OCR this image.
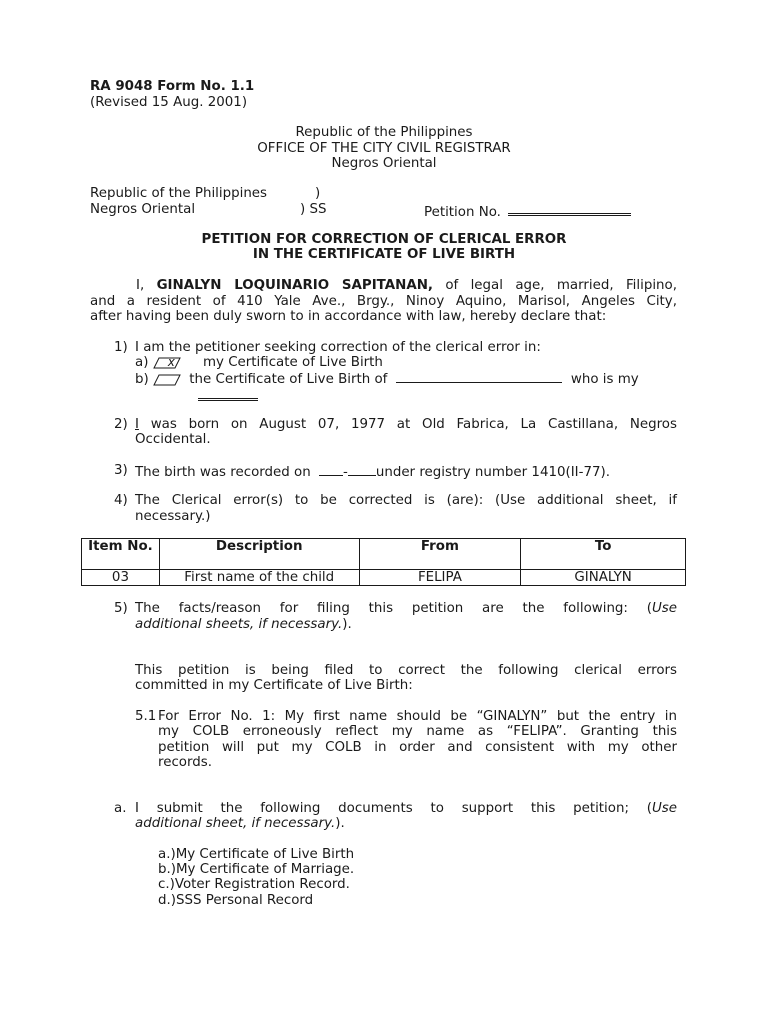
RA 9048 Form No. 1.1
(Revised 15 Aug. 2001)
Republic of the Philippines
OFFICE OF THE CITY CIVIL REGISTRAR
Negros Oriental
Republic of the Philippines	)
Negros Oriental	) SS	Petition No.
PETITION FOR CORRECTION OF CLERICAL ERROR
IN THE CERTIFICATE OF LIVE BIRTH
I, GINALYN LOQUINARIO SAPITANAN, of legal age, married, Filipino,
and a resident of 410 Yale Ave., Brgy., Ninoy Aquino, Marisol, Angeles City,
after having been duly sworn to in accordance with law, hereby declare that:
1) I am the petitioner seeking correction of the clerical error in:
a) x my Certificate of Live Birth
b)	the Certificate of Live Birth of	who is my
2) I was born on August 07, 1977 at Old Fabrica, La Castillana, Negros
Occidental.
3) The birth was recorded on - under registry number 1410(II-77).
4) The Clerical error(s) to be corrected is (are): (Use additional sheet, if
necessary.)
Item No.	Description	From	To
03	First name of the child	FELIPA	GINALYN
5) The facts/reason for filing this petition are the following: (Use
additional sheets, if necessary.).
This petition is being filed to correct the following clerical errors
committed in my Certificate of Live Birth:
5.1 For Error No. 1: My first name should be “GINALYN” but the entry in
my COLB erroneously reflect my name as “FELIPA”. Granting this
petition will put my COLB in order and consistent with my other
records.
a. I submit the following documents to support this petition; (Use
additional sheet, if necessary.).
a.)My Certificate of Live Birth
b.)My Certificate of Marriage.
c.)Voter Registration Record.
d.)SSS Personal Record
